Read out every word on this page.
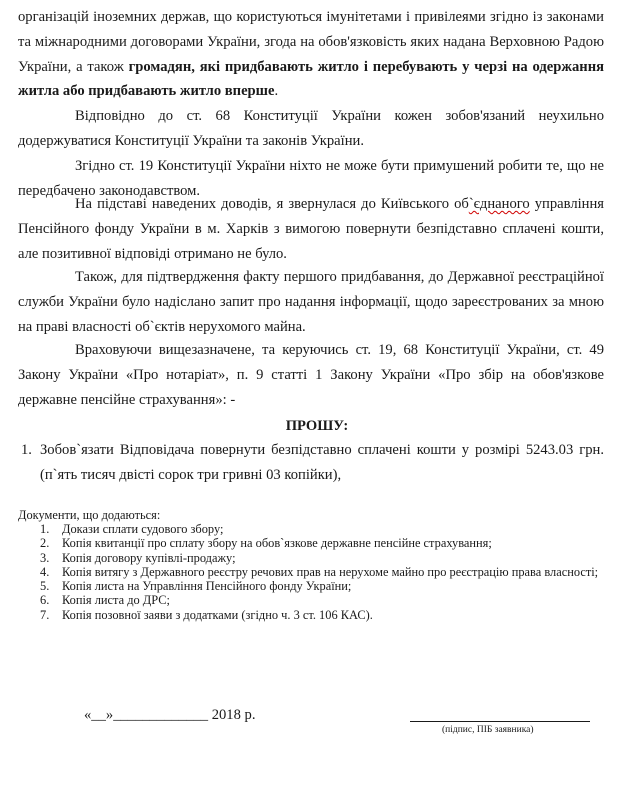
організацій іноземних держав, що користуються імунітетами і привілеями згідно із законами та міжнародними договорами України, згода на обов'язковість яких надана Верховною Радою України, а також громадян, які придбавають житло і перебувають у черзі на одержання житла або придбавають житло вперше.

Відповідно до ст. 68 Конституції України кожен зобов'язаний неухильно додержуватися Конституції України та законів України.

Згідно ст. 19 Конституції України ніхто не може бути примушений робити те, що не передбачено законодавством.

На підставі наведених доводів, я звернулася до Київського об`єднаного управління Пенсійного фонду України в м. Харків з вимогою повернути безпідставно сплачені кошти, але позитивної відповіді отримано не було.

Також, для підтвердження факту першого придбавання, до Державної реєстраційної служби України було надіслано запит про надання інформації, щодо зареєстрованих за мною на праві власності об`єктів нерухомого майна.

Враховуючи вищезазначене, та керуючись ст. 19, 68 Конституції України, ст. 49 Закону України «Про нотаріат», п. 9 статті 1 Закону України «Про збір на обов'язкове державне пенсійне страхування»: -

ПРОШУ:

1. Зобов`язати Відповідача повернути безпідставно сплачені кошти у розмірі 5243.03 грн. (п`ять тисяч двісті сорок три гривні 03 копійки),

Документи, що додаються:

1. Докази сплати судового збору;
2. Копія квитанції про сплату збору на обов`язкове державне пенсійне страхування;
3. Копія договору купівлі-продажу;
4. Копія витягу з Державного реєстру речових прав на нерухоме майно про реєстрацію права власності;
5. Копія листа на Управління Пенсійного фонду України;
6. Копія листа до ДРС;
7. Копія позовної заяви з додатками (згідно ч. 3 ст. 106 КАС).
«__»_____________ 2018 р.
(підпис, ПІБ заявника)
